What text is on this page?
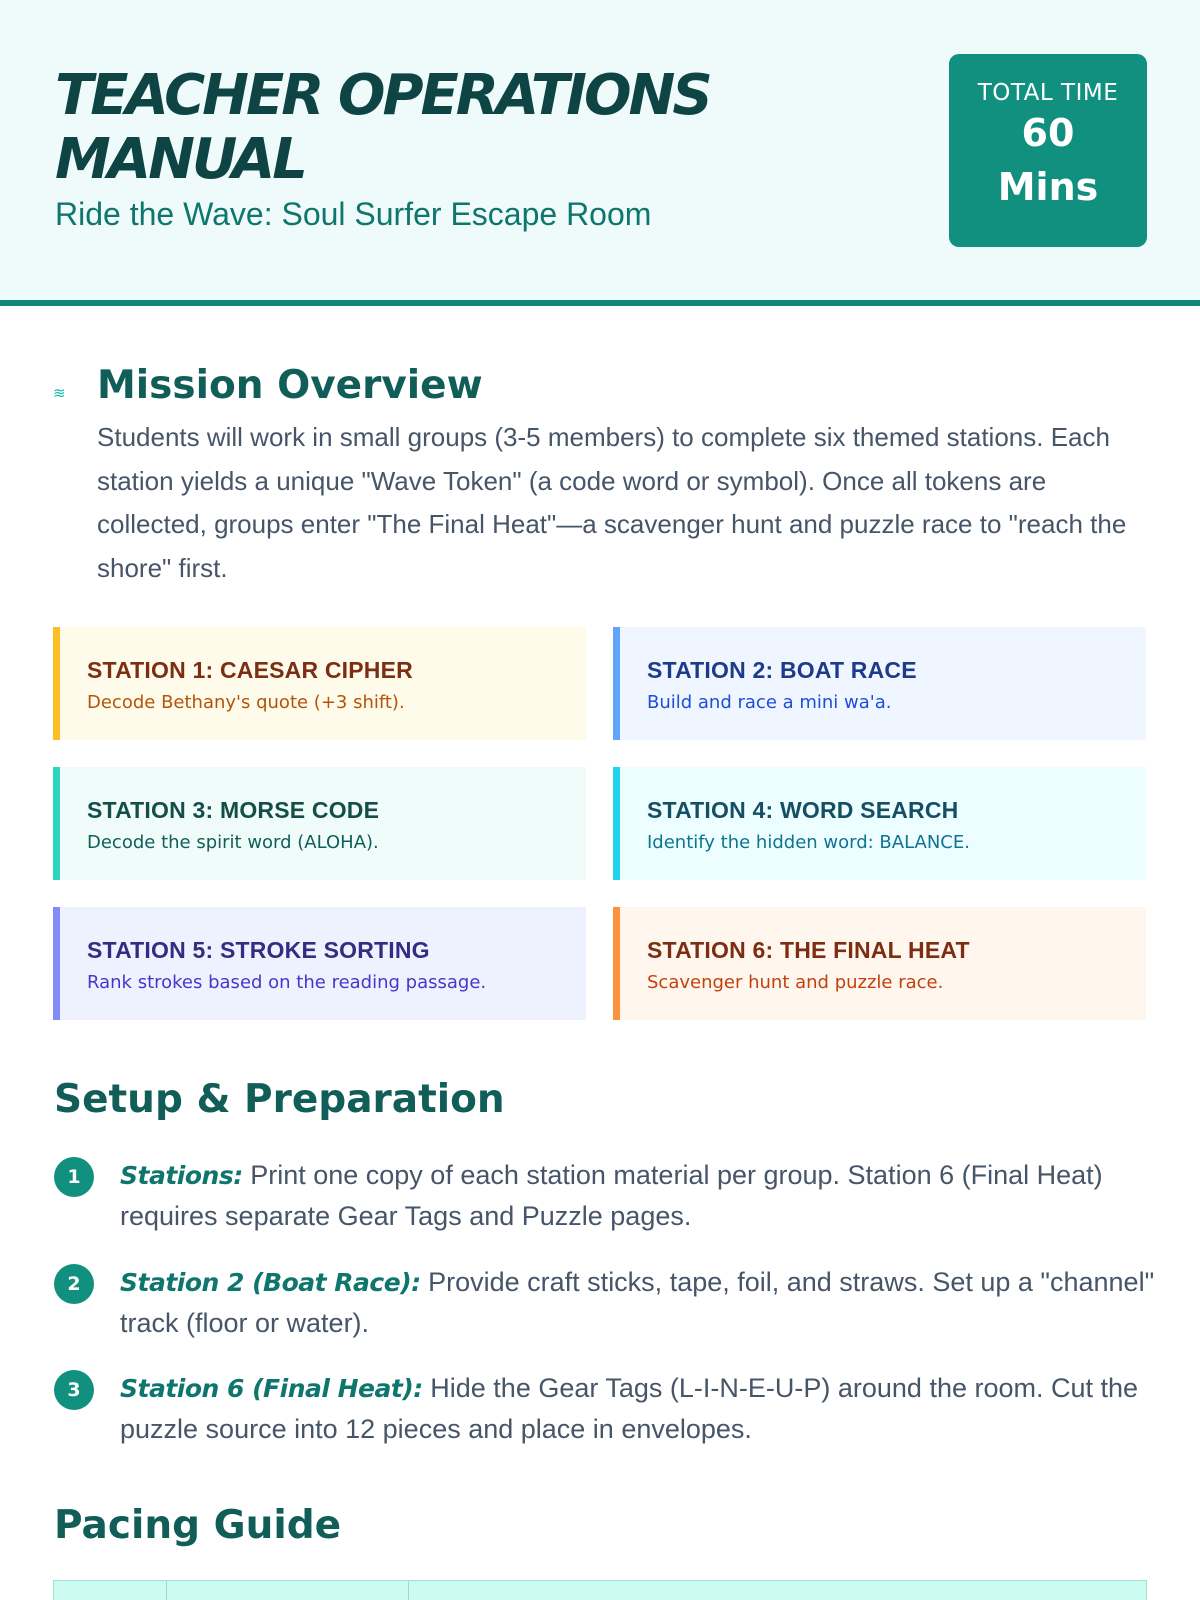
TEACHER OPERATIONS MANUAL
Ride the Wave: Soul Surfer Escape Room
TOTAL TIME
60
Mins
≋ Mission Overview
Students will work in small groups (3-5 members) to complete six themed stations. Each station yields a unique "Wave Token" (a code word or symbol). Once all tokens are collected, groups enter "The Final Heat"—a scavenger hunt and puzzle race to "reach the shore" first.
STATION 1: CAESAR CIPHER
Decode Bethany's quote (+3 shift).
STATION 2: BOAT RACE
Build and race a mini wa'a.
STATION 3: MORSE CODE
Decode the spirit word (ALOHA).
STATION 4: WORD SEARCH
Identify the hidden word: BALANCE.
STATION 5: STROKE SORTING
Rank strokes based on the reading passage.
STATION 6: THE FINAL HEAT
Scavenger hunt and puzzle race.
Setup & Preparation
1	Stations: Print one copy of each station material per group. Station 6 (Final Heat) requires separate Gear Tags and Puzzle pages.
2	Station 2 (Boat Race): Provide craft sticks, tape, foil, and straws. Set up a "channel" track (floor or water).
3	Station 6 (Final Heat): Hide the Gear Tags (L-I-N-E-U-P) around the room. Cut the puzzle source into 12 pieces and place in envelopes.
Pacing Guide
